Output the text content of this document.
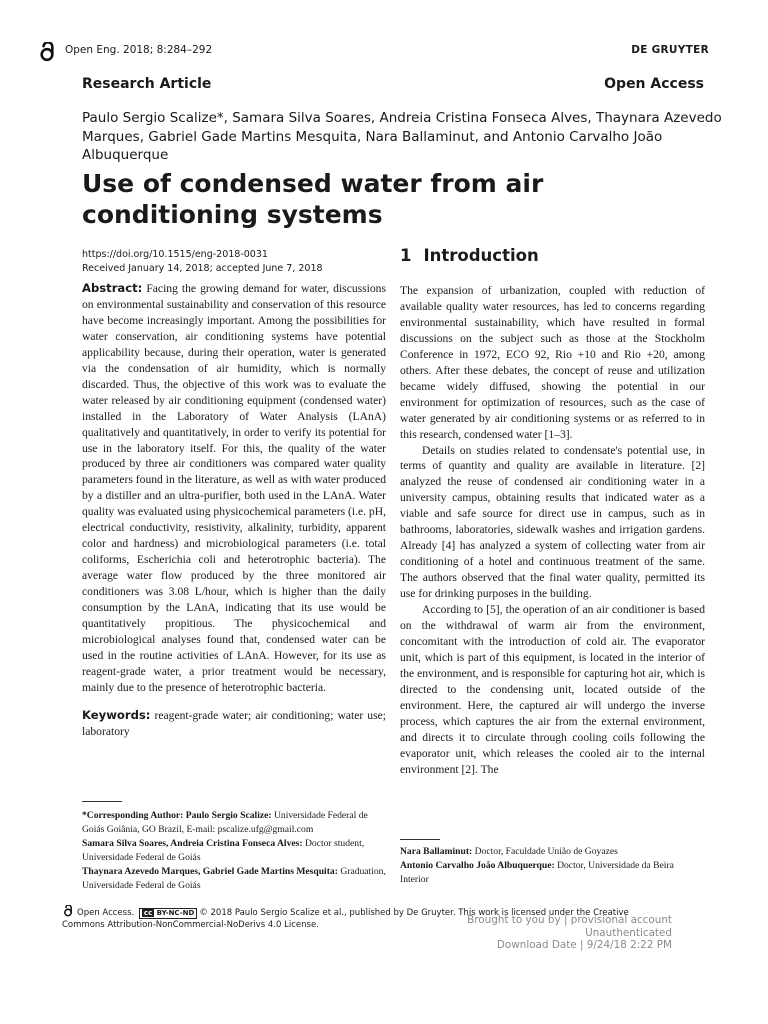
Open Eng. 2018; 8:284–292	DE GRUYTER
Research Article	Open Access
Paulo Sergio Scalize*, Samara Silva Soares, Andreia Cristina Fonseca Alves, Thaynara Azevedo Marques, Gabriel Gade Martins Mesquita, Nara Ballaminut, and Antonio Carvalho João Albuquerque
Use of condensed water from air conditioning systems
https://doi.org/10.1515/eng-2018-0031
Received January 14, 2018; accepted June 7, 2018

Abstract: Facing the growing demand for water, discussions on environmental sustainability and conservation of this resource have become increasingly important. Among the possibilities for water conservation, air conditioning systems have potential applicability because, during their operation, water is generated via the condensation of air humidity, which is normally discarded. Thus, the objective of this work was to evaluate the water released by air conditioning equipment (condensed water) installed in the Laboratory of Water Analysis (LAnA) qualitatively and quantitatively, in order to verify its potential for use in the laboratory itself. For this, the quality of the water produced by three air conditioners was compared water quality parameters found in the literature, as well as with water produced by a distiller and an ultra-purifier, both used in the LAnA. Water quality was evaluated using physicochemical parameters (i.e. pH, electrical conductivity, resistivity, alkalinity, turbidity, apparent color and hardness) and microbiological parameters (i.e. total coliforms, Escherichia coli and heterotrophic bacteria). The average water flow produced by the three monitored air conditioners was 3.08 L/hour, which is higher than the daily consumption by the LAnA, indicating that its use would be quantitatively propitious. The physicochemical and microbiological analyses found that, condensed water can be used in the routine activities of LAnA. However, for its use as reagent-grade water, a prior treatment would be necessary, mainly due to the presence of heterotrophic bacteria.

Keywords: reagent-grade water; air conditioning; water use; laboratory

1 Introduction

The expansion of urbanization, coupled with reduction of available quality water resources, has led to concerns regarding environmental sustainability, which have resulted in formal discussions on the subject such as those at the Stockholm Conference in 1972, ECO 92, Rio +10 and Rio +20, among others. After these debates, the concept of reuse and utilization became widely diffused, showing the potential in our environment for optimization of resources, such as the case of water generated by air conditioning systems or as referred to in this research, condensed water [1–3].

Details on studies related to condensate's potential use, in terms of quantity and quality are available in literature. [2] analyzed the reuse of condensed air conditioning water in a university campus, obtaining results that indicated water as a viable and safe source for direct use in campus, such as in bathrooms, laboratories, sidewalk washes and irrigation gardens. Already [4] has analyzed a system of collecting water from air conditioning of a hotel and continuous treatment of the same. The authors observed that the final water quality, permitted its use for drinking purposes in the building.

According to [5], the operation of an air conditioner is based on the withdrawal of warm air from the environment, concomitant with the introduction of cold air. The evaporator unit, which is part of this equipment, is located in the interior of the environment, and is responsible for capturing hot air, which is directed to the condensing unit, located outside of the environment. Here, the captured air will undergo the inverse process, which captures the air from the external environment, and directs it to circulate through cooling coils following the evaporator unit, which releases the cooled air to the internal environment [2]. The

*Corresponding Author: Paulo Sergio Scalize: Universidade Federal de Goiás Goiânia, GO Brazil, E-mail: pscalize.ufg@gmail.com

Samara Silva Soares, Andreia Cristina Fonseca Alves: Doctor student, Universidade Federal de Goiás

Thaynara Azevedo Marques, Gabriel Gade Martins Mesquita: Graduation, Universidade Federal de Goiás

Nara Ballaminut: Doctor, Faculdade União de Goyazes

Antonio Carvalho João Albuquerque: Doctor, Universidade da Beira Interior

Open Access. cc BY-NC-ND © 2018 Paulo Sergio Scalize et al., published by De Gruyter. This work is licensed under the Creative Commons Attribution-NonCommercial-NoDerivs 4.0 License.	Brought to you by | provisional account
Unauthenticated
Download Date | 9/24/18 2:22 PM
